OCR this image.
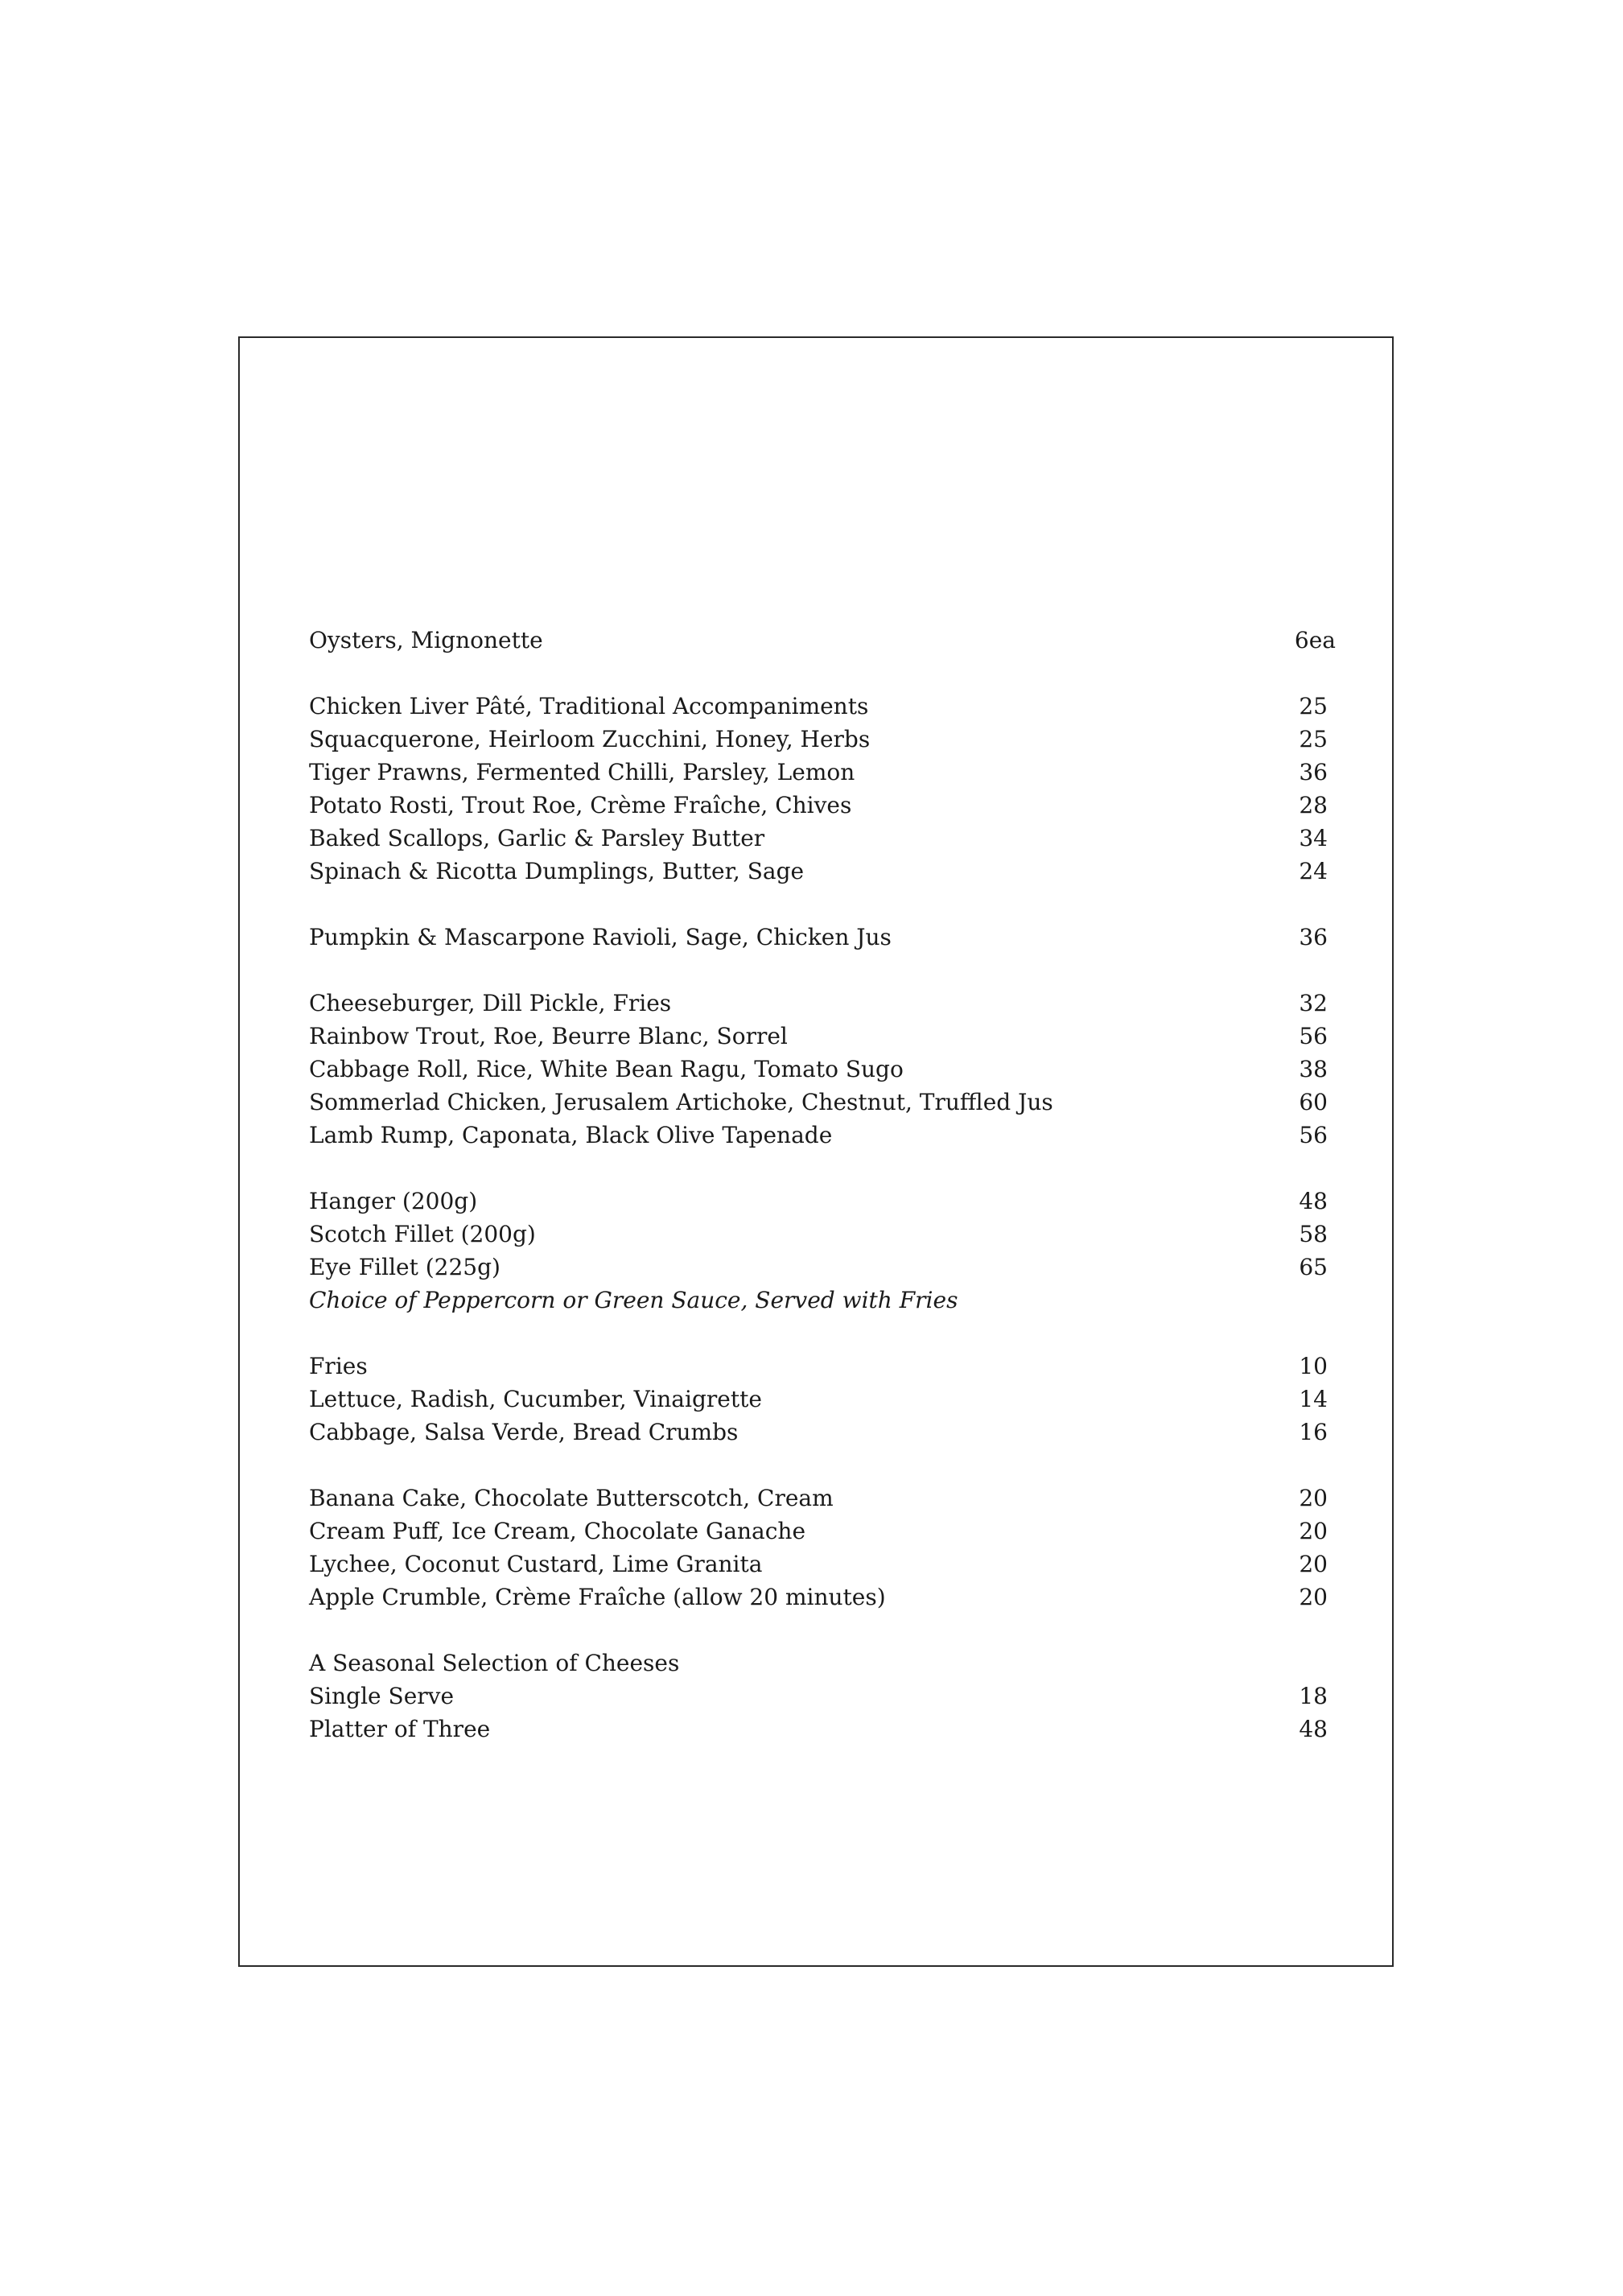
Oysters, Mignonette	6ea
Chicken Liver Pâté, Traditional Accompaniments	25
Squacquerone, Heirloom Zucchini, Honey, Herbs	25
Tiger Prawns, Fermented Chilli, Parsley, Lemon	36
Potato Rosti, Trout Roe, Crème Fraîche, Chives	28
Baked Scallops, Garlic & Parsley Butter	34
Spinach & Ricotta Dumplings, Butter, Sage	24
Pumpkin & Mascarpone Ravioli, Sage, Chicken Jus	36
Cheeseburger, Dill Pickle, Fries	32
Rainbow Trout, Roe, Beurre Blanc, Sorrel	56
Cabbage Roll, Rice, White Bean Ragu, Tomato Sugo	38
Sommerlad Chicken, Jerusalem Artichoke, Chestnut, Truffled Jus	60
Lamb Rump, Caponata, Black Olive Tapenade	56
Hanger (200g)	48
Scotch Fillet (200g)	58
Eye Fillet (225g)	65
Choice of Peppercorn or Green Sauce, Served with Fries
Fries	10
Lettuce, Radish, Cucumber, Vinaigrette	14
Cabbage, Salsa Verde, Bread Crumbs	16
Banana Cake, Chocolate Butterscotch, Cream	20
Cream Puff, Ice Cream, Chocolate Ganache	20
Lychee, Coconut Custard, Lime Granita	20
Apple Crumble, Crème Fraîche (allow 20 minutes)	20
A Seasonal Selection of Cheeses
Single Serve	18
Platter of Three	48
